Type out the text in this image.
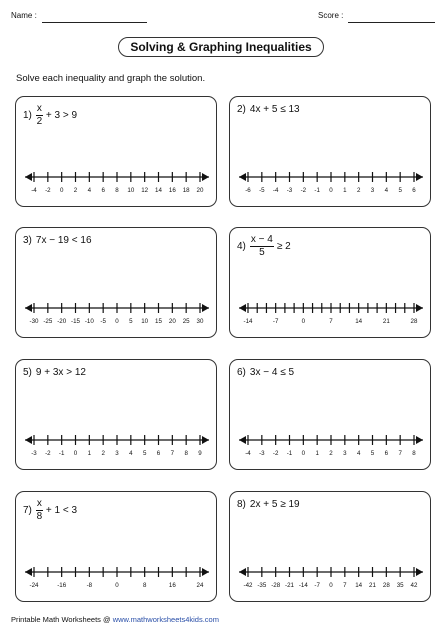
Name :	Score :
Solving & Graphing Inequalities
Solve each inequality and graph the solution.
$1) \frac{x}{2} + 3 > 9$
-4 -2 0 2 4 6 8 10 12 14 16 18 20
2) 4x + 5 ≤ 13
-6 -5 -4 -3 -2 -1 0 1 2 3 4 5 6
3) 7x − 19 < 16
-30 -25 -20 -15 -10 -5 0 5 10 15 20 25 30
$4) \frac{x - 4}{5} \ge 2$
-14	-7	0	7	14	21	28
5) 9 + 3x > 12
-3 -2 -1 0 1 2 3 4 5 6 7 8 9
6) 3x − 4 ≤ 5
-4 -3 -2 -1 0 1 2 3 4 5 6 7 8
$7) \frac{x}{8} + 1 < 3$
-24	-16	-8	0	8	16	24
8) 2x + 5 ≥ 19
-42 -35 -28 -21 -14 -7 0 7 14 21 28 35 42
Printable Math Worksheets @ www.mathworksheets4kids.com
